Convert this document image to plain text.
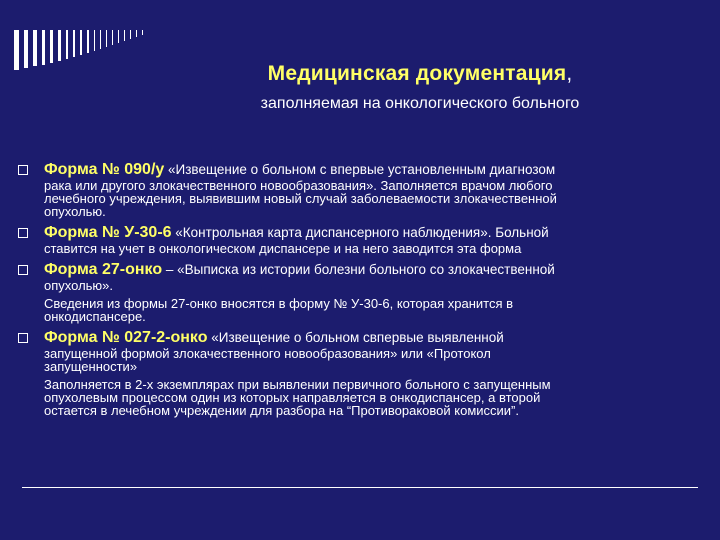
Медицинская документация,
заполняемая на онкологического больного
Форма № 090/у «Извещение о больном с впервые установленным диагнозом
рака или другого злокачественного новообразования». Заполняется врачом любого
лечебного учреждения, выявившим новый случай заболеваемости злокачественной
опухолью.
Форма № У-30-6 «Контрольная карта диспансерного наблюдения». Больной
ставится на учет в онкологическом диспансере и на него заводится эта форма
Форма 27-онко – «Выписка из истории болезни больного со злокачественной
опухолью».
Сведения из формы 27-онко вносятся в форму № У-30-6, которая хранится в
онкодиспансере.
Форма № 027-2-онко «Извещение о больном свпервые выявленной
запущенной формой злокачественного новообразования» или «Протокол
запущенности»
Заполняется в 2-х экземплярах при выявлении первичного больного с запущенным
опухолевым процессом один из которых направляется в онкодиспансер, а второй
остается в лечебном учреждении для разбора на “Противораковой комиссии”.
